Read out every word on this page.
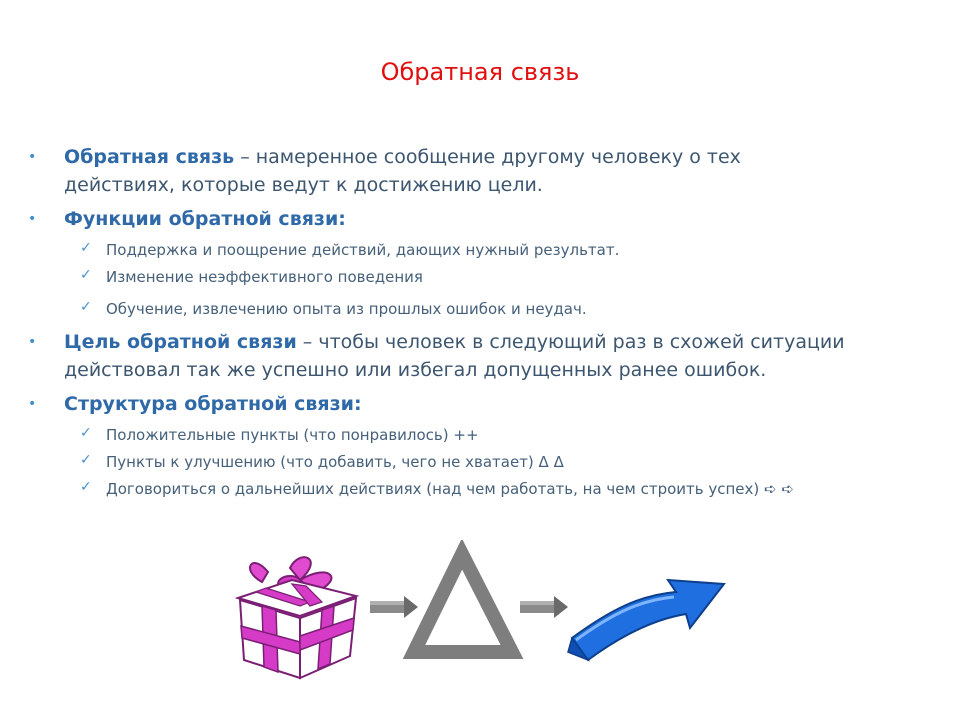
Обратная связь
• Обратная связь – намеренное сообщение другому человеку о тех действиях, которые ведут к достижению цели.
• Функции обратной связи:
✓ Поддержка и поощрение действий, дающих нужный результат.
✓ Изменение неэффективного поведения
✓ Обучение, извлечению опыта из прошлых ошибок и неудач.
• Цель обратной связи – чтобы человек в следующий раз в схожей ситуации действовал так же успешно или избегал допущенных ранее ошибок.
• Структура обратной связи:
✓ Положительные пункты (что понравилось) ++
✓ Пункты к улучшению (что добавить, чего не хватает) Δ Δ
✓ Договориться о дальнейших действиях (над чем работать, на чем строить успех) ➪ ➪
